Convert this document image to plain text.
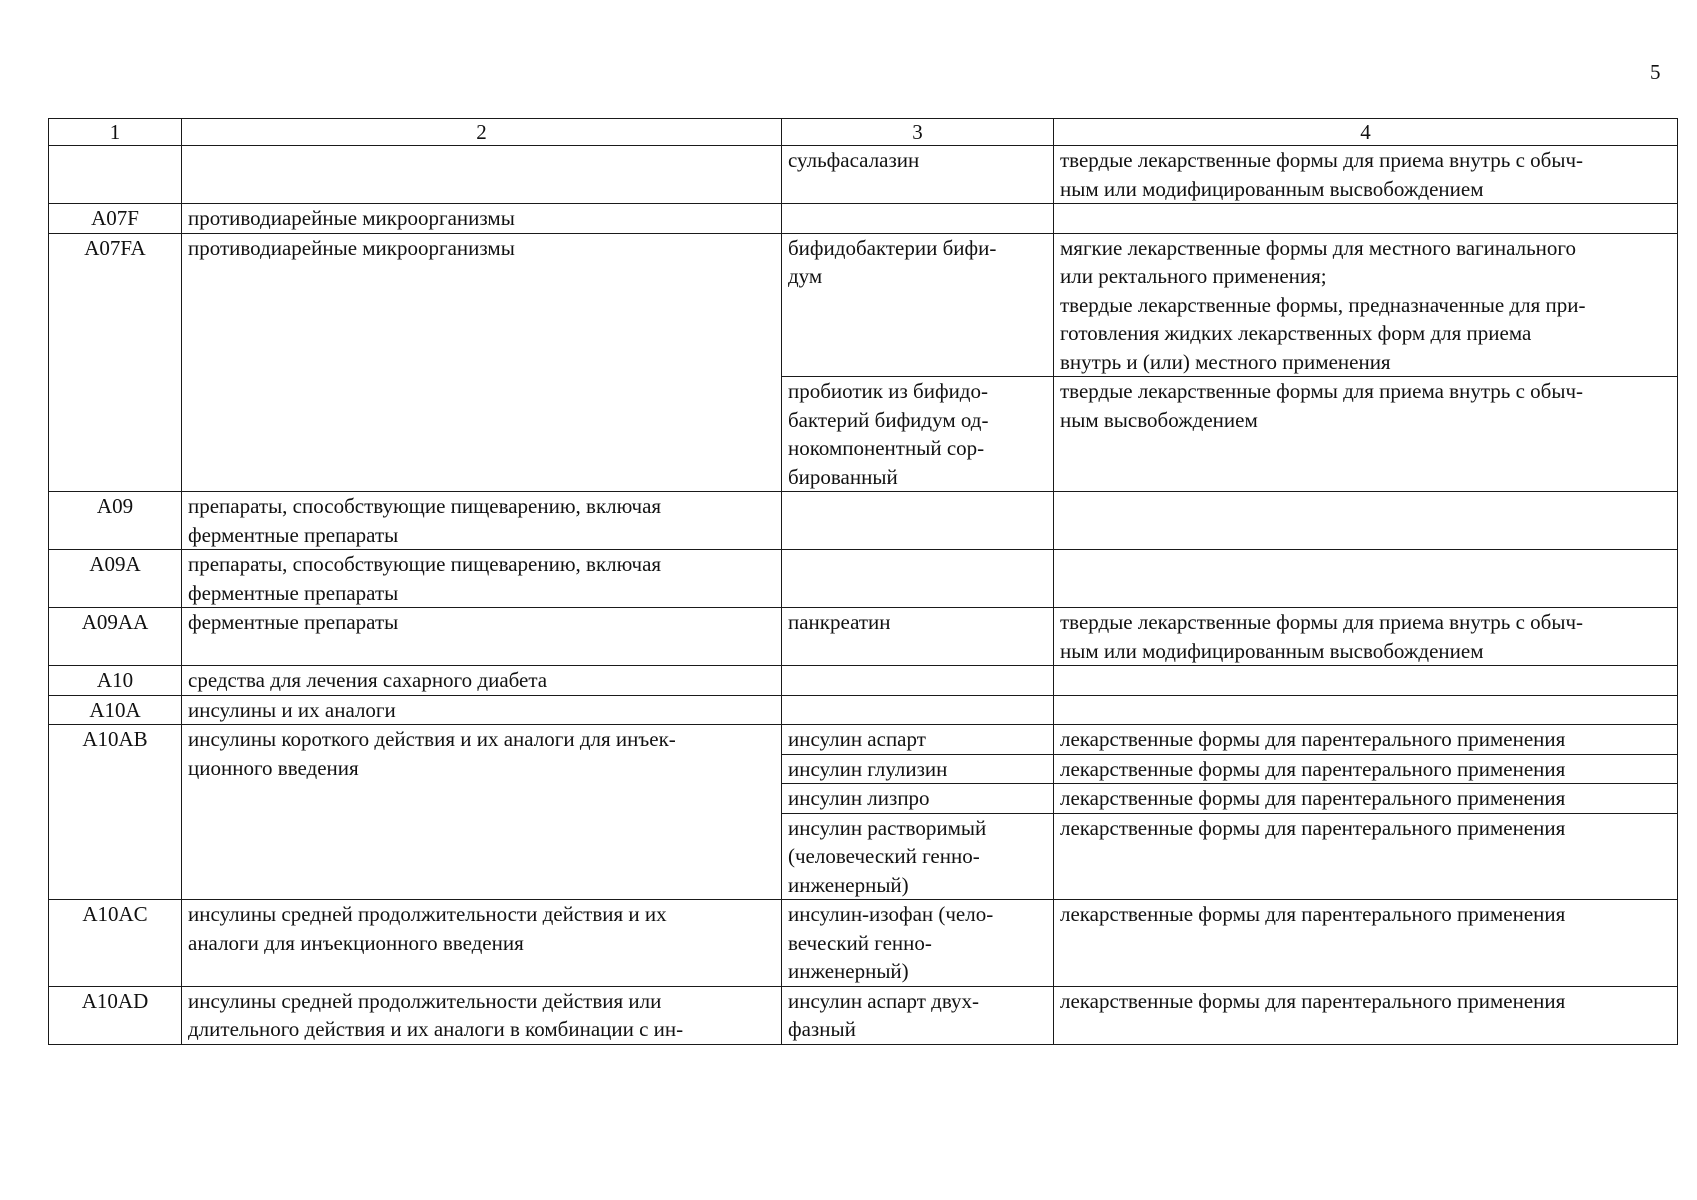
5
1	2	3	4

		сульфасалазин	твердые лекарственные формы для приема внутрь с обыч-
ным или модифицированным высвобождением

A07F	противодиарейные микроорганизмы		

A07FA	противодиарейные микроорганизмы	бифидобактерии бифи-
дум	мягкие лекарственные формы для местного вагинального
или ректального применения;
твердые лекарственные формы, предназначенные для при-
готовления жидких лекарственных форм для приема
внутрь и (или) местного применения

		пробиотик из бифидо-
бактерий бифидум од-
нокомпонентный сор-
бированный	твердые лекарственные формы для приема внутрь с обыч-
ным высвобождением

A09	препараты, способствующие пищеварению, включая
ферментные препараты		

A09A	препараты, способствующие пищеварению, включая
ферментные препараты		

A09AA	ферментные препараты	панкреатин	твердые лекарственные формы для приема внутрь с обыч-
ным или модифицированным высвобождением

A10	средства для лечения сахарного диабета		

A10A	инсулины и их аналоги		

A10AB	инсулины короткого действия и их аналоги для инъек-
ционного введения	инсулин аспарт	лекарственные формы для парентерального применения

		инсулин глулизин	лекарственные формы для парентерального применения

		инсулин лизпро	лекарственные формы для парентерального применения

		инсулин растворимый
(человеческий генно-
инженерный)	лекарственные формы для парентерального применения

A10AC	инсулины средней продолжительности действия и их
аналоги для инъекционного введения	инсулин-изофан (чело-
веческий генно-
инженерный)	лекарственные формы для парентерального применения

A10AD	инсулины средней продолжительности действия или
длительного действия и их аналоги в комбинации с ин-	инсулин аспарт двух-
фазный	лекарственные формы для парентерального применения
